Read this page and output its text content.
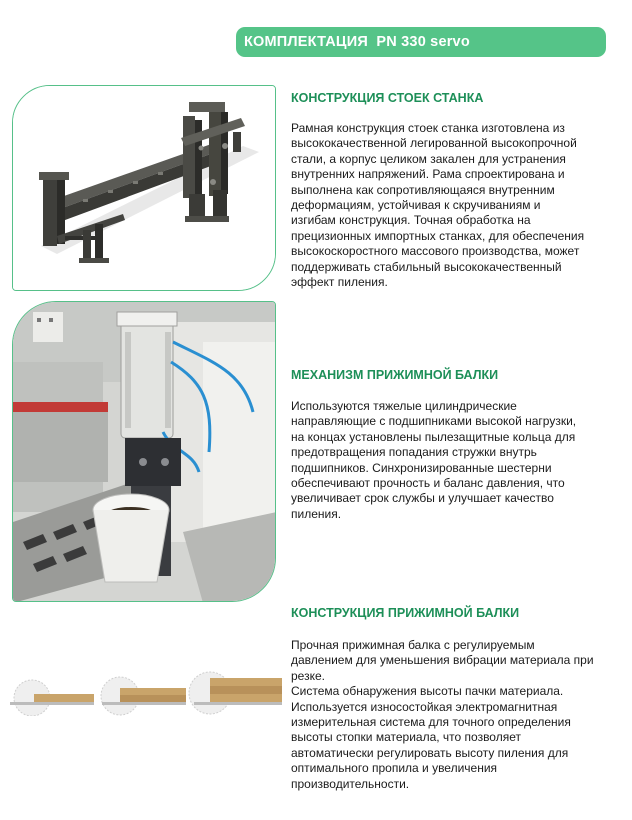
КОМПЛЕКТАЦИЯ  PN 330 servo
КОНСТРУКЦИЯ СТОЕК СТАНКА

Рамная конструкция стоек станка изготовлена из
высококачественной легированной высокопрочной
стали, а корпус целиком закален для устранения
внутренних напряжений. Рама спроектирована и
выполнена как сопротивляющаяся внутренним
деформациям, устойчивая к скручиваниям и
изгибам конструкция. Точная обработка на
прецизионных импортных станках, для обеспечения
высокоскоростного массового производства, может
поддерживать стабильный высококачественный
эффект пиления.

МЕХАНИЗМ ПРИЖИМНОЙ БАЛКИ

Используются тяжелые цилиндрические
направляющие с подшипниками высокой нагрузки,
на концах установлены пылезащитные кольца для
предотвращения попадания стружки внутрь
подшипников. Синхронизированные шестерни
обеспечивают прочность и баланс давления, что
увеличивает срок службы и улучшает качество
пиления.

КОНСТРУКЦИЯ ПРИЖИМНОЙ БАЛКИ

Прочная прижимная балка с регулируемым
давлением для уменьшения вибрации материала при
резке.
Система обнаружения высоты пачки материала.
Используется износостойкая электромагнитная
измерительная система для точного определения
высоты стопки материала, что позволяет
автоматически регулировать высоту пиления для
оптимального пропила и увеличения
производительности.
